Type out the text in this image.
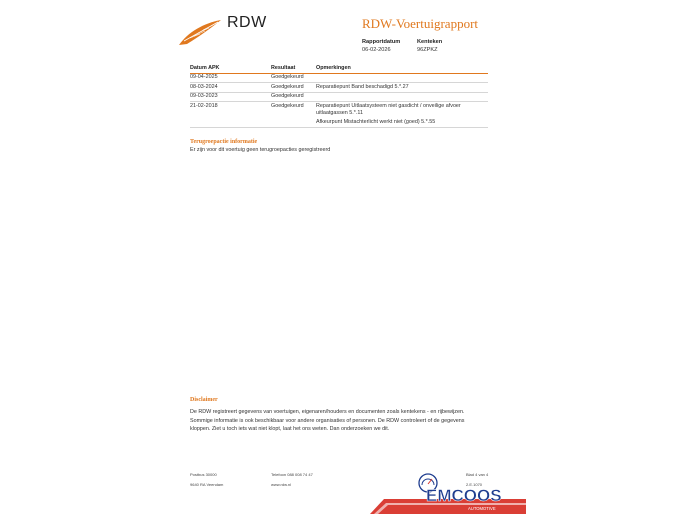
RDW	RDW-Voertuigrapport
Rapportdatum
06-02-2026
Kenteken
96ZPKZ
Datum APK	Resultaat	Opmerkingen
09-04-2025	Goedgekeurd	
08-03-2024	Goedgekeurd	Reparatiepunt Band beschadigd 5.*.27
09-03-2023	Goedgekeurd	
21-02-2018	Goedgekeurd	Reparatiepunt Uitlaatsysteem niet gasdicht / onveilige afvoer uitlaatgassen 5.*.11
		Afkeurpunt Mistachterlicht werkt niet (goed) 5.*.55
Terugroepactie informatie
Er zijn voor dit voertuig geen terugroepacties geregistreerd
Disclaimer
De RDW registreert gegevens van voertuigen, eigenaren/houders en documenten zoals kentekens - en rijbewijzen. Sommige informatie is ook beschikbaar voor andere organisaties of personen. De RDW controleert of de gegevens kloppen. Ziet u toch iets wat niet klopt, laat het ons weten. Dan onderzoeken we dit.
Postbus 30000
9640 RA Veendam
Telefoon 088 008 74 47
www.rdw.nl
Blad 4 van 4
2.E.1070
EMCOOS
AUTOMOTIVE
